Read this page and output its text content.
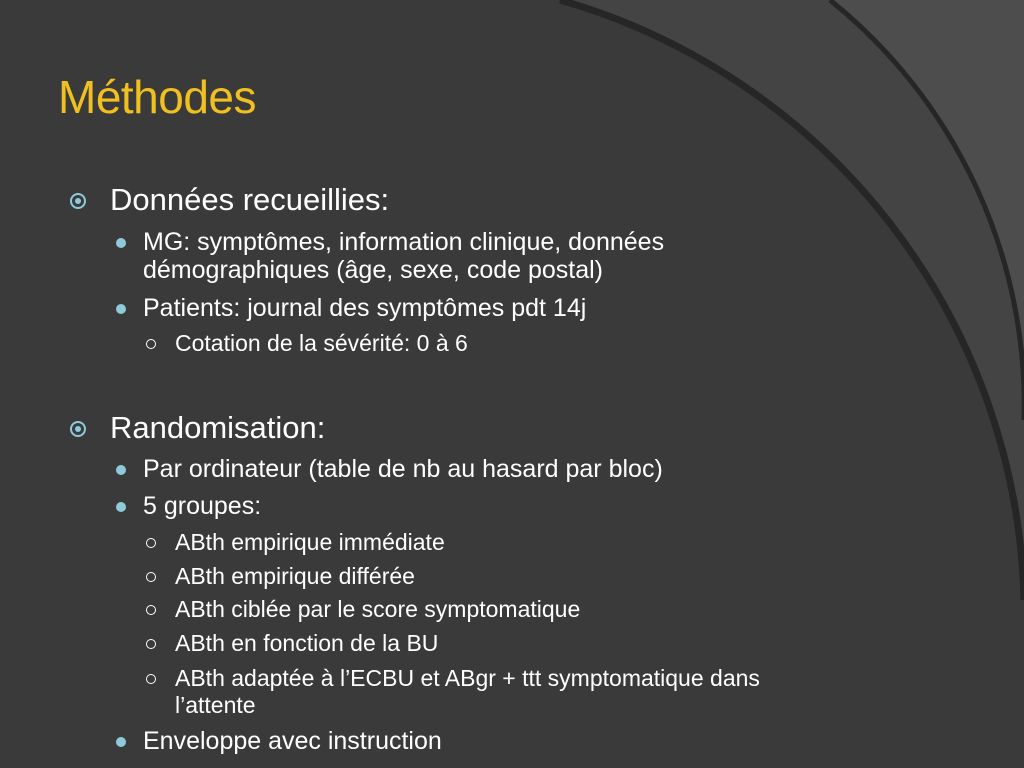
Méthodes
Données recueillies:
MG: symptômes, information clinique, données
démographiques (âge, sexe, code postal)
Patients: journal des symptômes pdt 14j
Cotation de la sévérité: 0 à 6
Randomisation:
Par ordinateur (table de nb au hasard par bloc)
5 groupes:
ABth empirique immédiate
ABth empirique différée
ABth ciblée par le score symptomatique
ABth en fonction de la BU
ABth adaptée à l’ECBU et ABgr + ttt symptomatique dans
l’attente
Enveloppe avec instruction
